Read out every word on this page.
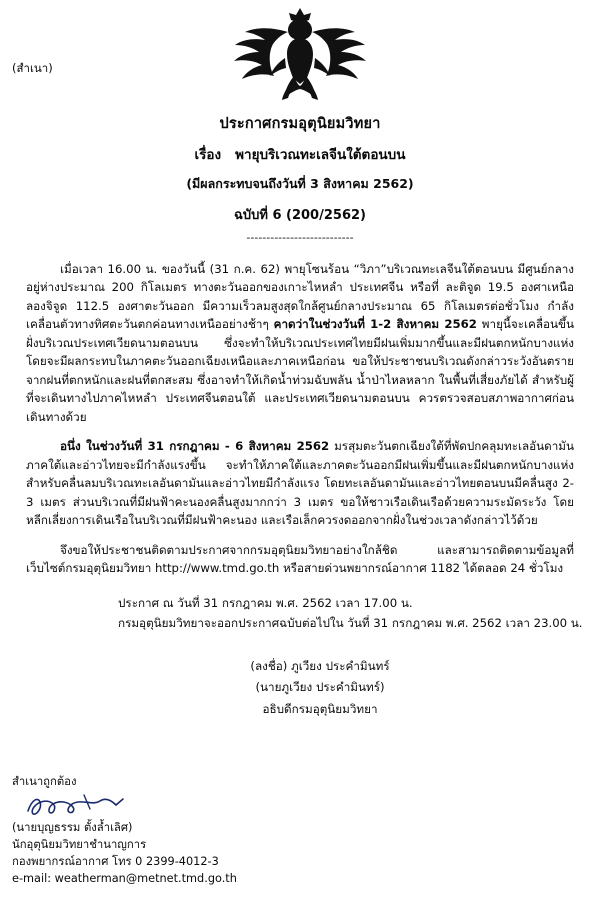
(สำเนา)
ประกาศกรมอุตุนิยมวิทยา
เรื่อง พายุบริเวณทะเลจีนใต้ตอนบน
(มีผลกระทบจนถึงวันที่ 3 สิงหาคม 2562)
ฉบับที่ 6 (200/2562)
---------------------------

เมื่อเวลา 16.00 น. ของวันนี้ (31 ก.ค. 62) พายุโซนร้อน “วิภา”บริเวณทะเลจีนใต้ตอนบน มีศูนย์กลางอยู่ห่างประมาณ 200 กิโลเมตร ทางตะวันออกของเกาะไหหลำ ประเทศจีน หรือที่ ละติจูด 19.5 องศาเหนือ ลองจิจูด 112.5 องศาตะวันออก มีความเร็วลมสูงสุดใกล้ศูนย์กลางประมาณ 65 กิโลเมตรต่อชั่วโมง กำลังเคลื่อนตัวทางทิศตะวันตกค่อนทางเหนืออย่างช้าๆ คาดว่าในช่วงวันที่ 1-2 สิงหาคม 2562 พายุนี้จะเคลื่อนขึ้นฝั่งบริเวณประเทศเวียดนามตอนบน ซึ่งจะทำให้บริเวณประเทศไทยมีฝนเพิ่มมากขึ้นและมีฝนตกหนักบางแห่ง โดยจะมีผลกระทบในภาคตะวันออกเฉียงเหนือและภาคเหนือก่อน ขอให้ประชาชนบริเวณดังกล่าวระวังอันตรายจากฝนที่ตกหนักและฝนที่ตกสะสม ซึ่งอาจทำให้เกิดน้ำท่วมฉับพลัน น้ำป่าไหลหลาก ในพื้นที่เสี่ยงภัยได้ สำหรับผู้ที่จะเดินทางไปภาคไหหลำ ประเทศจีนตอนใต้ และประเทศเวียดนามตอนบน ควรตรวจสอบสภาพอากาศก่อนเดินทางด้วย

อนึ่ง ในช่วงวันที่ 31 กรกฎาคม - 6 สิงหาคม 2562 มรสุมตะวันตกเฉียงใต้ที่พัดปกคลุมทะเลอันดามัน ภาคใต้และอ่าวไทยจะมีกำลังแรงขึ้น จะทำให้ภาคใต้และภาคตะวันออกมีฝนเพิ่มขึ้นและมีฝนตกหนักบางแห่ง สำหรับคลื่นลมบริเวณทะเลอันดามันและอ่าวไทยมีกำลังแรง โดยทะเลอันดามันและอ่าวไทยตอนบนมีคลื่นสูง 2-3 เมตร ส่วนบริเวณที่มีฝนฟ้าคะนองคลื่นสูงมากกว่า 3 เมตร ขอให้ชาวเรือเดินเรือด้วยความระมัดระวัง โดยหลีกเลี่ยงการเดินเรือในบริเวณที่มีฝนฟ้าคะนอง และเรือเล็กควรงดออกจากฝั่งในช่วงเวลาดังกล่าวไว้ด้วย

จึงขอให้ประชาชนติดตามประกาศจากกรมอุตุนิยมวิทยาอย่างใกล้ชิด และสามารถติดตามข้อมูลที่เว็บไซต์กรมอุตุนิยมวิทยา http://www.tmd.go.th หรือสายด่วนพยากรณ์อากาศ 1182 ได้ตลอด 24 ชั่วโมง

ประกาศ ณ วันที่ 31 กรกฎาคม พ.ศ. 2562 เวลา 17.00 น.
กรมอุตุนิยมวิทยาจะออกประกาศฉบับต่อไปใน วันที่ 31 กรกฎาคม พ.ศ. 2562 เวลา 23.00 น.
(ลงชื่อ) ภูเวียง ประคำมินทร์
(นายภูเวียง ประคำมินทร์)
อธิบดีกรมอุตุนิยมวิทยา
สำเนาถูกต้อง
(นายบุญธรรม ตั้งล้ำเลิศ)
นักอุตุนิยมวิทยาชำนาญการ
กองพยากรณ์อากาศ โทร 0 2399-4012-3
e-mail: weatherman@metnet.tmd.go.th
